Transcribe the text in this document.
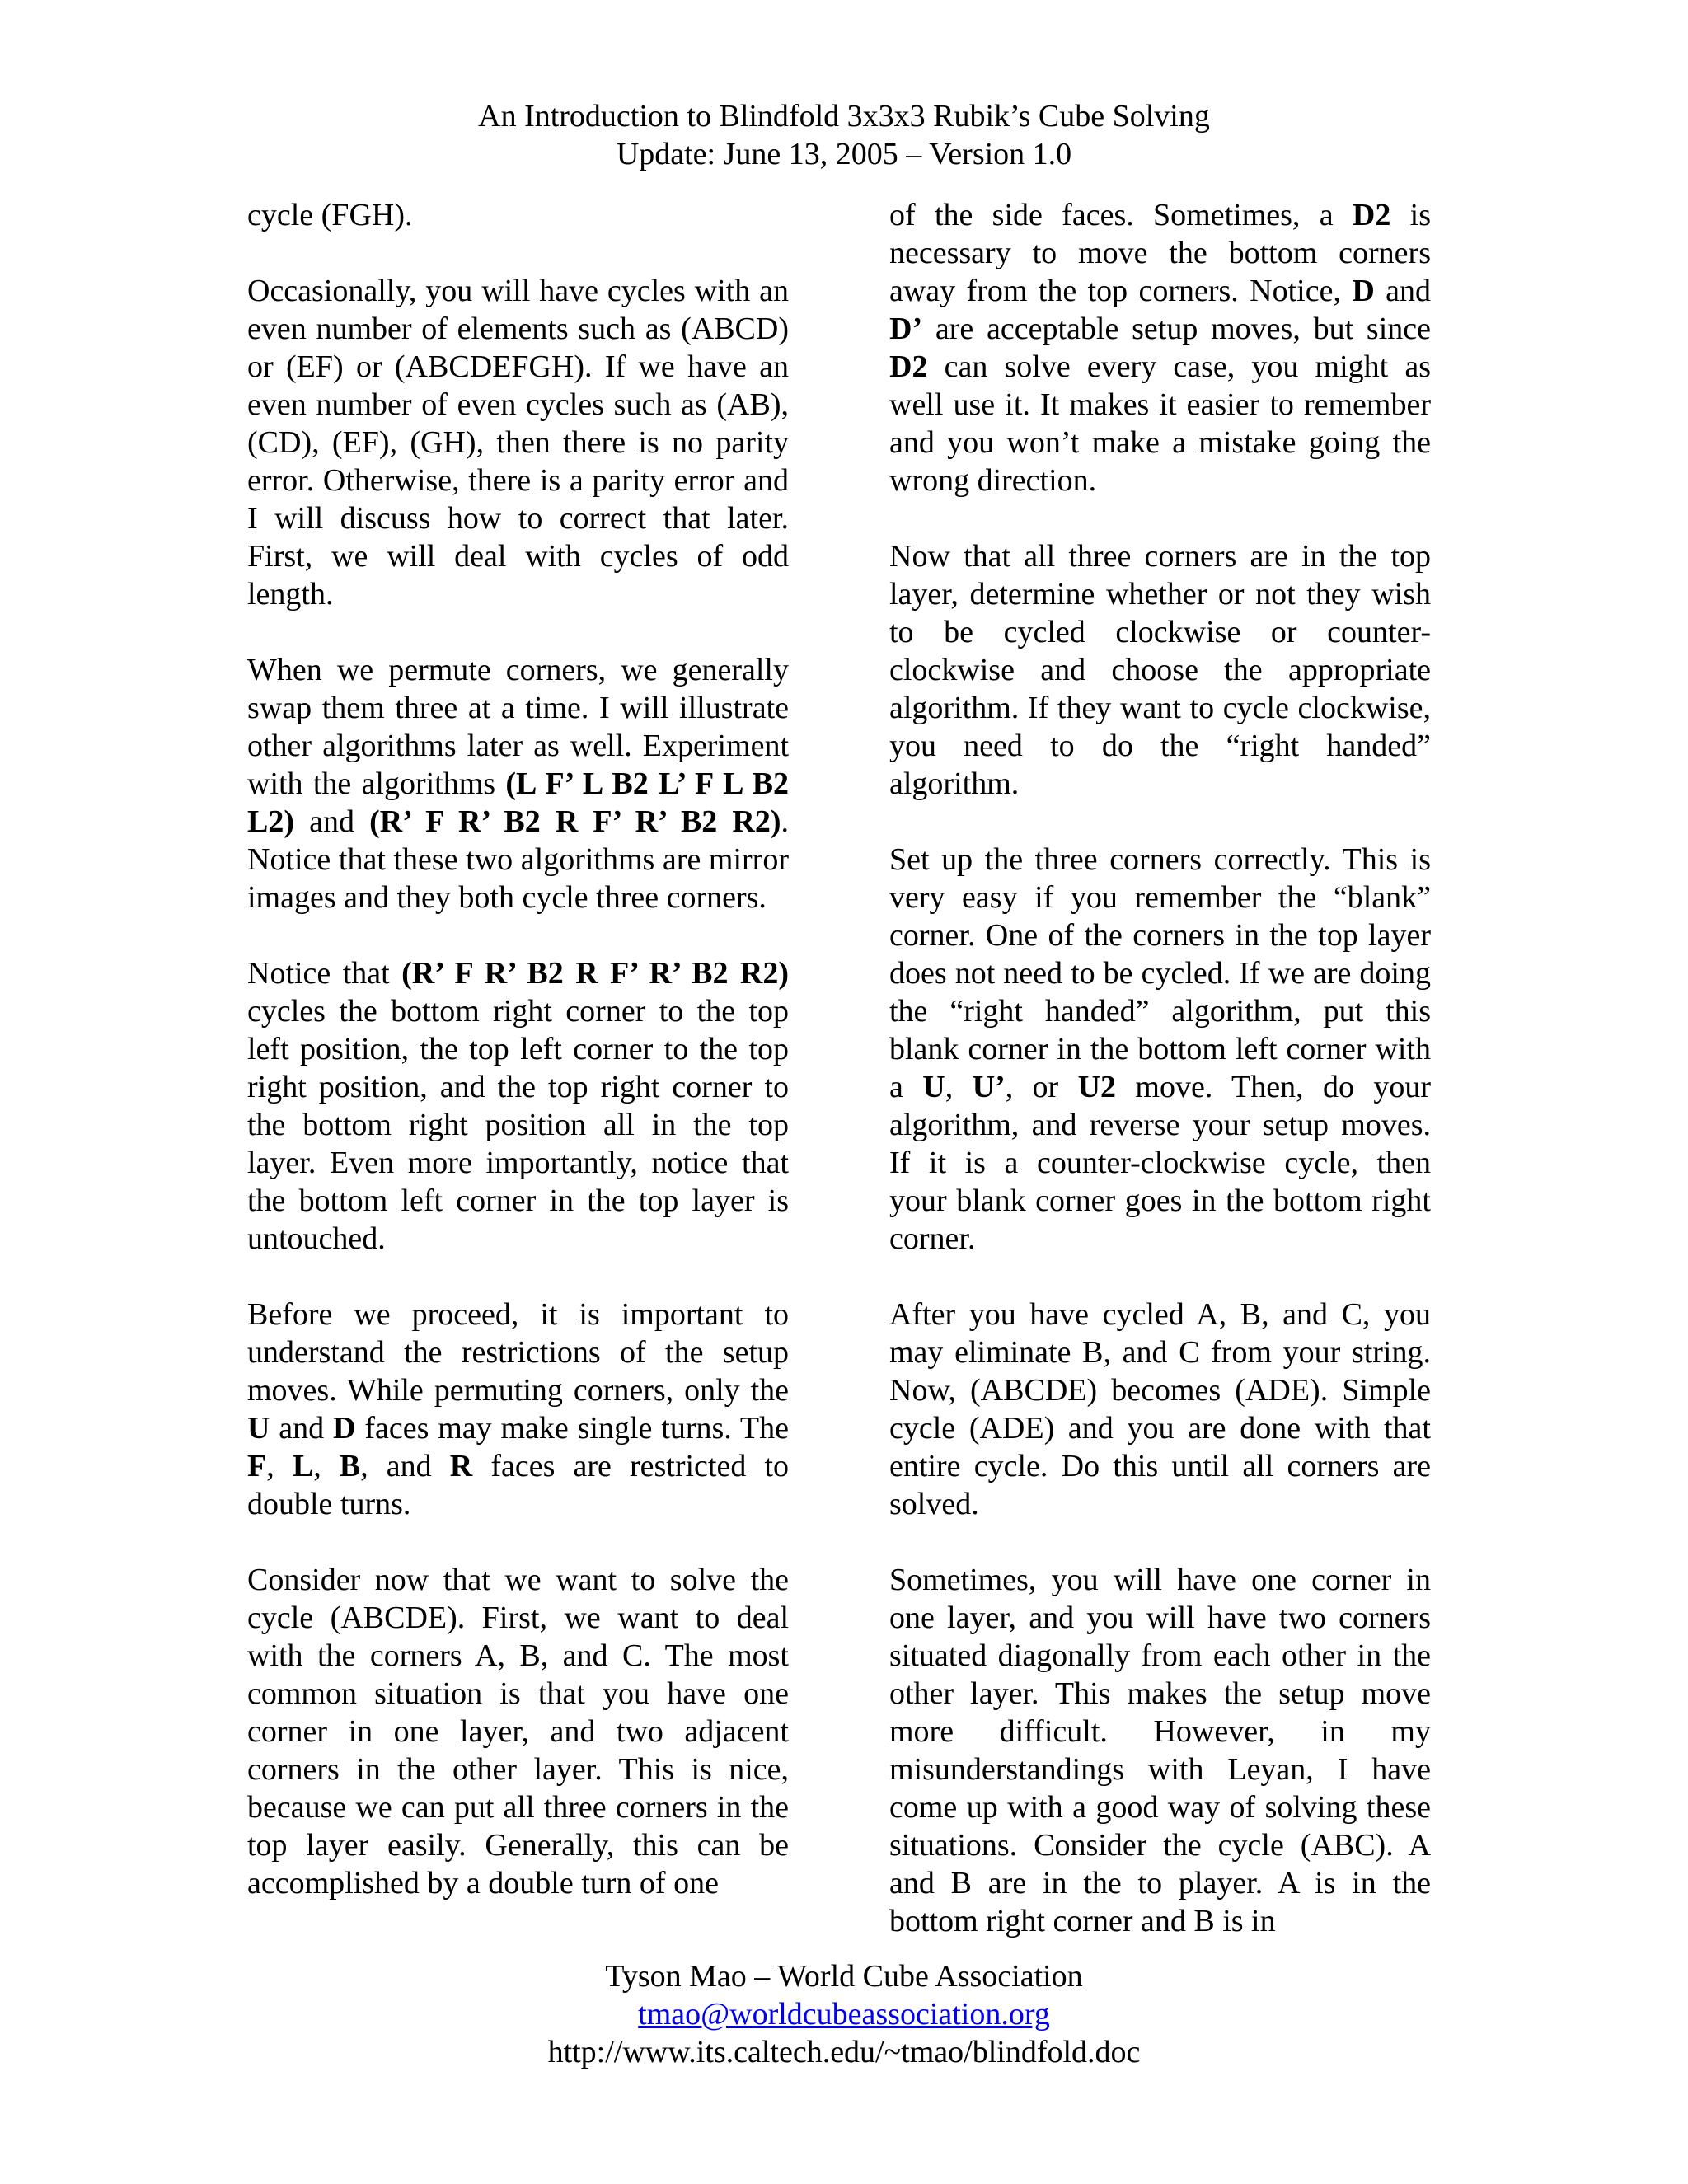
An Introduction to Blindfold 3x3x3 Rubik’s Cube Solving
Update: June 13, 2005 – Version 1.0

cycle (FGH).

Occasionally, you will have cycles with an even number of elements such as (ABCD) or (EF) or (ABCDEFGH). If we have an even number of even cycles such as (AB), (CD), (EF), (GH), then there is no parity error. Otherwise, there is a parity error and I will discuss how to correct that later. First, we will deal with cycles of odd length.

When we permute corners, we generally swap them three at a time. I will illustrate other algorithms later as well. Experiment with the algorithms (L F’ L B2 L’ F L B2 L2) and (R’ F R’ B2 R F’ R’ B2 R2). Notice that these two algorithms are mirror images and they both cycle three corners.

Notice that (R’ F R’ B2 R F’ R’ B2 R2) cycles the bottom right corner to the top left position, the top left corner to the top right position, and the top right corner to the bottom right position all in the top layer. Even more importantly, notice that the bottom left corner in the top layer is untouched.

Before we proceed, it is important to understand the restrictions of the setup moves. While permuting corners, only the U and D faces may make single turns. The F, L, B, and R faces are restricted to double turns.

Consider now that we want to solve the cycle (ABCDE). First, we want to deal with the corners A, B, and C. The most common situation is that you have one corner in one layer, and two adjacent corners in the other layer. This is nice, because we can put all three corners in the top layer easily. Generally, this can be accomplished by a double turn of one

of the side faces. Sometimes, a D2 is necessary to move the bottom corners away from the top corners. Notice, D and D’ are acceptable setup moves, but since D2 can solve every case, you might as well use it. It makes it easier to remember and you won’t make a mistake going the wrong direction.

Now that all three corners are in the top layer, determine whether or not they wish to be cycled clockwise or counter-clockwise and choose the appropriate algorithm. If they want to cycle clockwise, you need to do the “right handed” algorithm.

Set up the three corners correctly. This is very easy if you remember the “blank” corner. One of the corners in the top layer does not need to be cycled. If we are doing the “right handed” algorithm, put this blank corner in the bottom left corner with a U, U’, or U2 move. Then, do your algorithm, and reverse your setup moves. If it is a counter-clockwise cycle, then your blank corner goes in the bottom right corner.

After you have cycled A, B, and C, you may eliminate B, and C from your string. Now, (ABCDE) becomes (ADE). Simple cycle (ADE) and you are done with that entire cycle. Do this until all corners are solved.

Sometimes, you will have one corner in one layer, and you will have two corners situated diagonally from each other in the other layer. This makes the setup move more difficult. However, in my misunderstandings with Leyan, I have come up with a good way of solving these situations. Consider the cycle (ABC). A and B are in the to player. A is in the bottom right corner and B is in

Tyson Mao – World Cube Association
tmao@worldcubeassociation.org
http://www.its.caltech.edu/~tmao/blindfold.doc
